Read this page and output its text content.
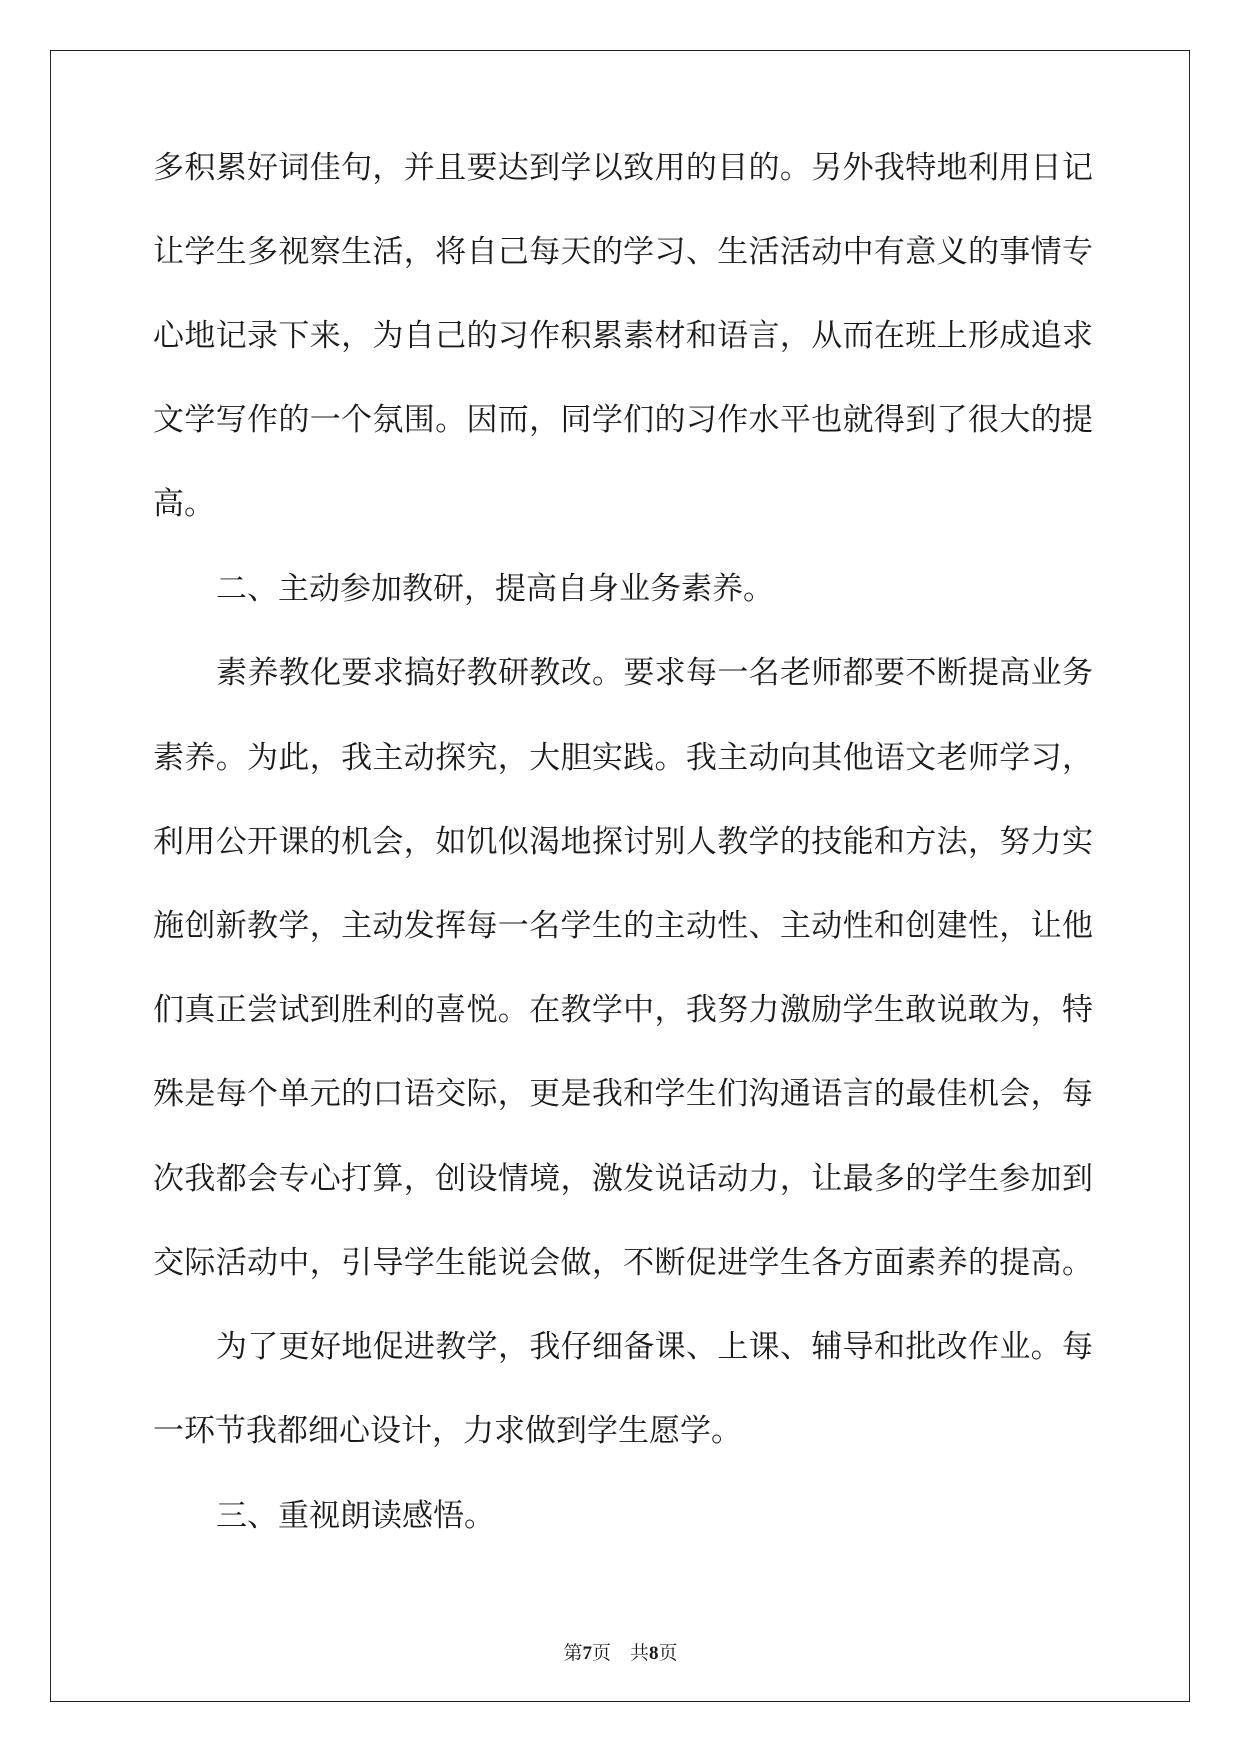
多积累好词佳句，并且要达到学以致用的目的。另外我特地利用日记
让学生多视察生活，将自己每天的学习、生活活动中有意义的事情专
心地记录下来，为自己的习作积累素材和语言，从而在班上形成追求
文学写作的一个氛围。因而，同学们的习作水平也就得到了很大的提
高。
二、主动参加教研，提高自身业务素养。
素养教化要求搞好教研教改。要求每一名老师都要不断提高业务
素养。为此，我主动探究，大胆实践。我主动向其他语文老师学习，
利用公开课的机会，如饥似渴地探讨别人教学的技能和方法，努力实
施创新教学，主动发挥每一名学生的主动性、主动性和创建性，让他
们真正尝试到胜利的喜悦。在教学中，我努力激励学生敢说敢为，特
殊是每个单元的口语交际，更是我和学生们沟通语言的最佳机会，每
次我都会专心打算，创设情境，激发说话动力，让最多的学生参加到
交际活动中，引导学生能说会做，不断促进学生各方面素养的提高。
为了更好地促进教学，我仔细备课、上课、辅导和批改作业。每
一环节我都细心设计，力求做到学生愿学。
三、重视朗读感悟。
第7页　共8页
